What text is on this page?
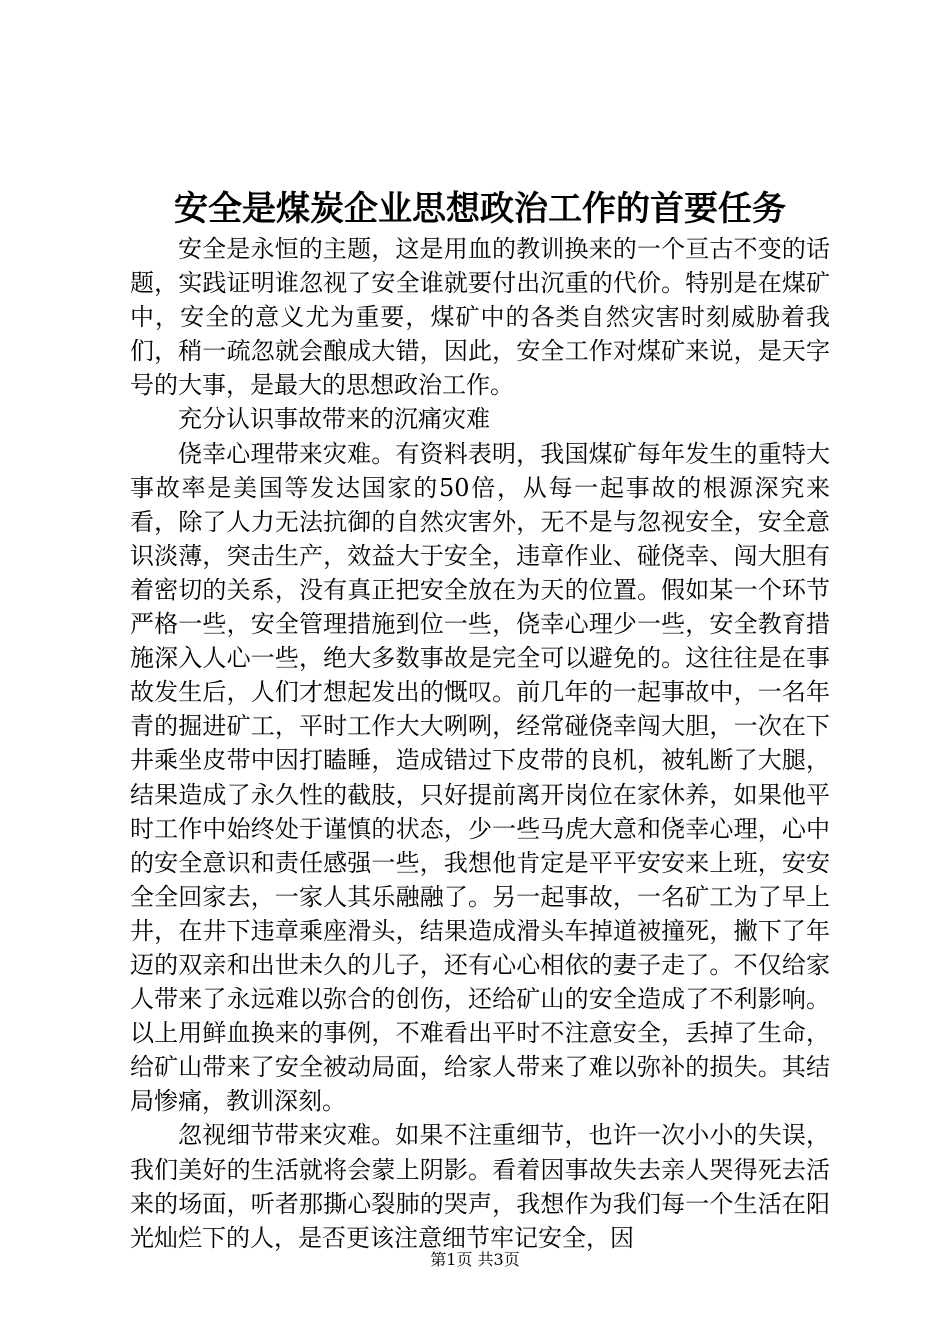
安全是煤炭企业思想政治工作的首要任务

安全是永恒的主题，这是用血的教训换来的一个亘古不变的话题，实践证明谁忽视了安全谁就要付出沉重的代价。特别是在煤矿中，安全的意义尤为重要，煤矿中的各类自然灾害时刻威胁着我们，稍一疏忽就会酿成大错，因此，安全工作对煤矿来说，是天字号的大事，是最大的思想政治工作。

充分认识事故带来的沉痛灾难

侥幸心理带来灾难。有资料表明，我国煤矿每年发生的重特大事故率是美国等发达国家的50倍，从每一起事故的根源深究来看，除了人力无法抗御的自然灾害外，无不是与忽视安全，安全意识淡薄，突击生产，效益大于安全，违章作业、碰侥幸、闯大胆有着密切的关系，没有真正把安全放在为天的位置。假如某一个环节严格一些，安全管理措施到位一些，侥幸心理少一些，安全教育措施深入人心一些，绝大多数事故是完全可以避免的。这往往是在事故发生后，人们才想起发出的慨叹。前几年的一起事故中，一名年青的掘进矿工，平时工作大大咧咧，经常碰侥幸闯大胆，一次在下井乘坐皮带中因打瞌睡，造成错过下皮带的良机，被轧断了大腿，结果造成了永久性的截肢，只好提前离开岗位在家休养，如果他平时工作中始终处于谨慎的状态，少一些马虎大意和侥幸心理，心中的安全意识和责任感强一些，我想他肯定是平平安安来上班，安安全全回家去，一家人其乐融融了。另一起事故，一名矿工为了早上井，在井下违章乘座滑头，结果造成滑头车掉道被撞死，撇下了年迈的双亲和出世未久的儿子，还有心心相依的妻子走了。不仅给家人带来了永远难以弥合的创伤，还给矿山的安全造成了不利影响。以上用鲜血换来的事例，不难看出平时不注意安全，丢掉了生命，给矿山带来了安全被动局面，给家人带来了难以弥补的损失。其结局惨痛，教训深刻。

忽视细节带来灾难。如果不注重细节，也许一次小小的失误，我们美好的生活就将会蒙上阴影。看着因事故失去亲人哭得死去活来的场面，听者那撕心裂肺的哭声，我想作为我们每一个生活在阳光灿烂下的人，是否更该注意细节牢记安全，因

第1页 共3页
